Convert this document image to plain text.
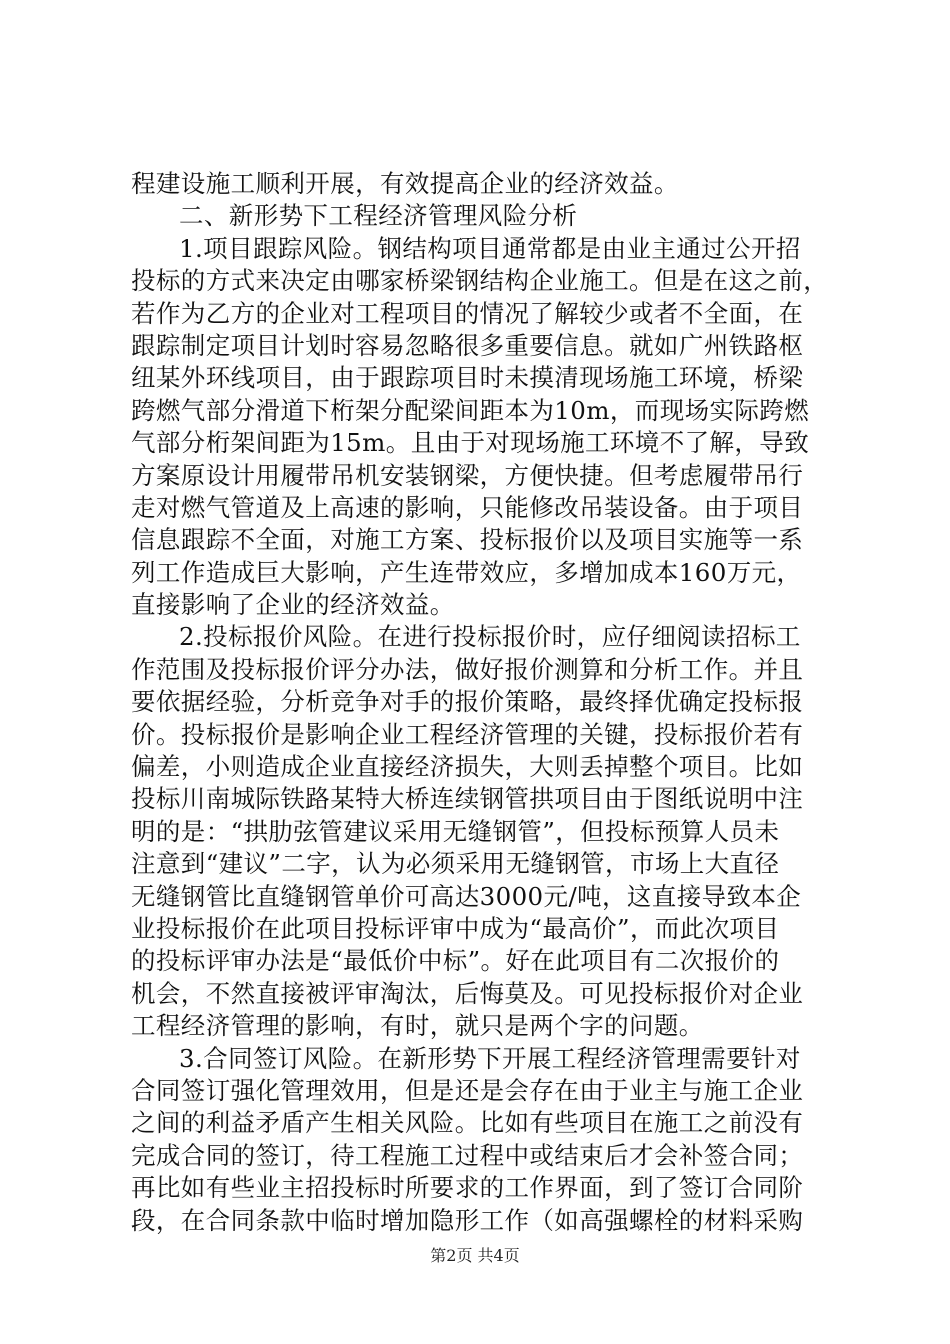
程建设施工顺利开展，有效提高企业的经济效益。
二、新形势下工程经济管理风险分析
1.项目跟踪风险。钢结构项目通常都是由业主通过公开招
投标的方式来决定由哪家桥梁钢结构企业施工。但是在这之前，
若作为乙方的企业对工程项目的情况了解较少或者不全面，在
跟踪制定项目计划时容易忽略很多重要信息。就如广州铁路枢
纽某外环线项目，由于跟踪项目时未摸清现场施工环境，桥梁
跨燃气部分滑道下桁架分配梁间距本为10m，而现场实际跨燃
气部分桁架间距为15m。且由于对现场施工环境不了解，导致
方案原设计用履带吊机安装钢梁，方便快捷。但考虑履带吊行
走对燃气管道及上高速的影响，只能修改吊装设备。由于项目
信息跟踪不全面，对施工方案、投标报价以及项目实施等一系
列工作造成巨大影响，产生连带效应，多增加成本160万元，
直接影响了企业的经济效益。
2.投标报价风险。在进行投标报价时，应仔细阅读招标工
作范围及投标报价评分办法，做好报价测算和分析工作。并且
要依据经验，分析竞争对手的报价策略，最终择优确定投标报
价。投标报价是影响企业工程经济管理的关键，投标报价若有
偏差，小则造成企业直接经济损失，大则丢掉整个项目。比如
投标川南城际铁路某特大桥连续钢管拱项目由于图纸说明中注
明的是：“拱肋弦管建议采用无缝钢管”，但投标预算人员未
注意到“建议”二字，认为必须采用无缝钢管，市场上大直径
无缝钢管比直缝钢管单价可高达3000元/吨，这直接导致本企
业投标报价在此项目投标评审中成为“最高价”，而此次项目
的投标评审办法是“最低价中标”。好在此项目有二次报价的
机会，不然直接被评审淘汰，后悔莫及。可见投标报价对企业
工程经济管理的影响，有时，就只是两个字的问题。
3.合同签订风险。在新形势下开展工程经济管理需要针对
合同签订强化管理效用，但是还是会存在由于业主与施工企业
之间的利益矛盾产生相关风险。比如有些项目在施工之前没有
完成合同的签订，待工程施工过程中或结束后才会补签合同；
再比如有些业主招投标时所要求的工作界面，到了签订合同阶
段，在合同条款中临时增加隐形工作（如高强螺栓的材料采购
第2页 共4页
